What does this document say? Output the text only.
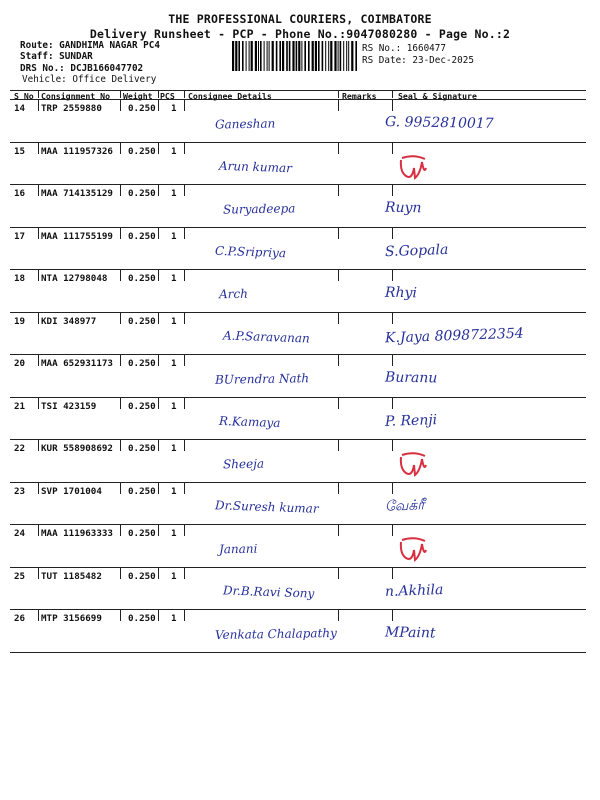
THE PROFESSIONAL COURIERS, COIMBATORE
Delivery Runsheet - PCP - Phone No.:9047080280 - Page No.:2
Route: GANDHIMA NAGAR PC4
Staff: SUNDAR
DRS No.: DCJB166047702
Vehicle: Office Delivery
RS No.: 1660477
RS Date: 23-Dec-2025
S No Consignment No Weight PCS Consignee Details	Remarks	Seal & Signature
14 TRP 2559880	0.250 1
Ganeshan	G. 9952810017
15 MAA 111957326 0.250 1
Arun kumar
16 MAA 714135129 0.250 1
Suryadeepa	Ruyn
17 MAA 111755199 0.250 1
C.P.Sripriya	S.Gopala
18 NTA 12798048 0.250 1
Arch	Rhyi
19 KDI 348977	0.250 1
A.P.Saravanan	K.Jaya 8098722354
20 MAA 652931173 0.250 1
BUrendra Nath	Buranu
21 TSI 423159	0.250 1
R.Kamaya	P. Renji
22 KUR 558908692 0.250 1
Sheeja
23 SVP 1701004	0.250 1
Dr.Suresh kumar	வேக்ரீ
24 MAA 111963333 0.250 1
Janani
25 TUT 1185482	0.250 1
Dr.B.Ravi Sony	n.Akhila
26 MTP 3156699	0.250 1
Venkata Chalapathy	MPaint
